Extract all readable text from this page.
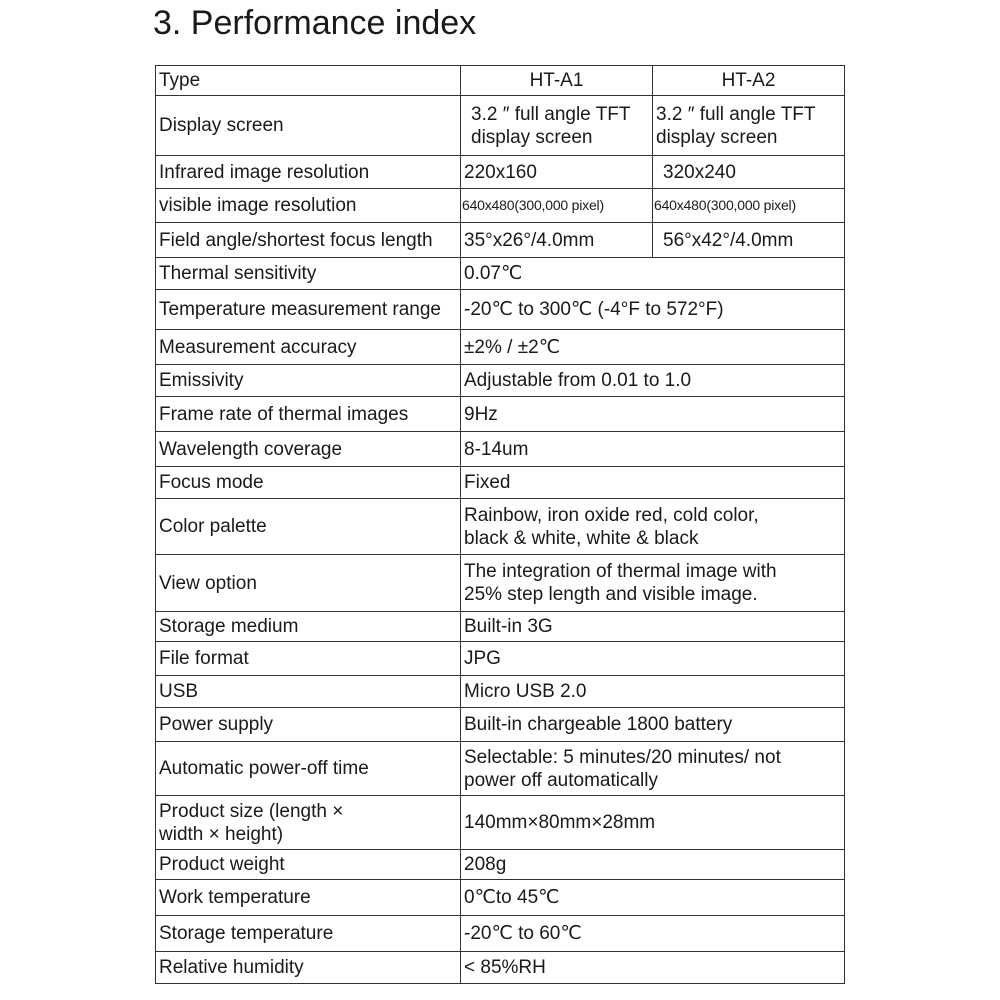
3. Performance index
Type	HT-A1	HT-A2
Display screen	3.2 ″ full angle TFT display screen	3.2 ″ full angle TFT display screen
Infrared image resolution	220x160	320x240
visible image resolution	640x480(300,000 pixel)	640x480(300,000 pixel)
Field angle/shortest focus length	35°x26°/4.0mm	56°x42°/4.0mm
Thermal sensitivity	0.07℃	
Temperature measurement range	-20℃ to 300℃ (-4°F to 572°F)	
Measurement accuracy	±2% / ±2℃	
Emissivity	Adjustable from 0.01 to 1.0	
Frame rate of thermal images	9Hz	
Wavelength coverage	8-14um	
Focus mode	Fixed	
Color palette	Rainbow, iron oxide red, cold color, black & white, white & black	
View option	The integration of thermal image with 25% step length and visible image.	
Storage medium	Built-in 3G	
File format	JPG	
USB	Micro USB 2.0	
Power supply	Built-in chargeable 1800 battery	
Automatic power-off time	Selectable: 5 minutes/20 minutes/ not power off automatically	
Product size (length × width × height)	140mm×80mm×28mm	
Product weight	208g	
Work temperature	0℃to 45℃	
Storage temperature	-20℃ to 60℃	
Relative humidity	< 85%RH	
